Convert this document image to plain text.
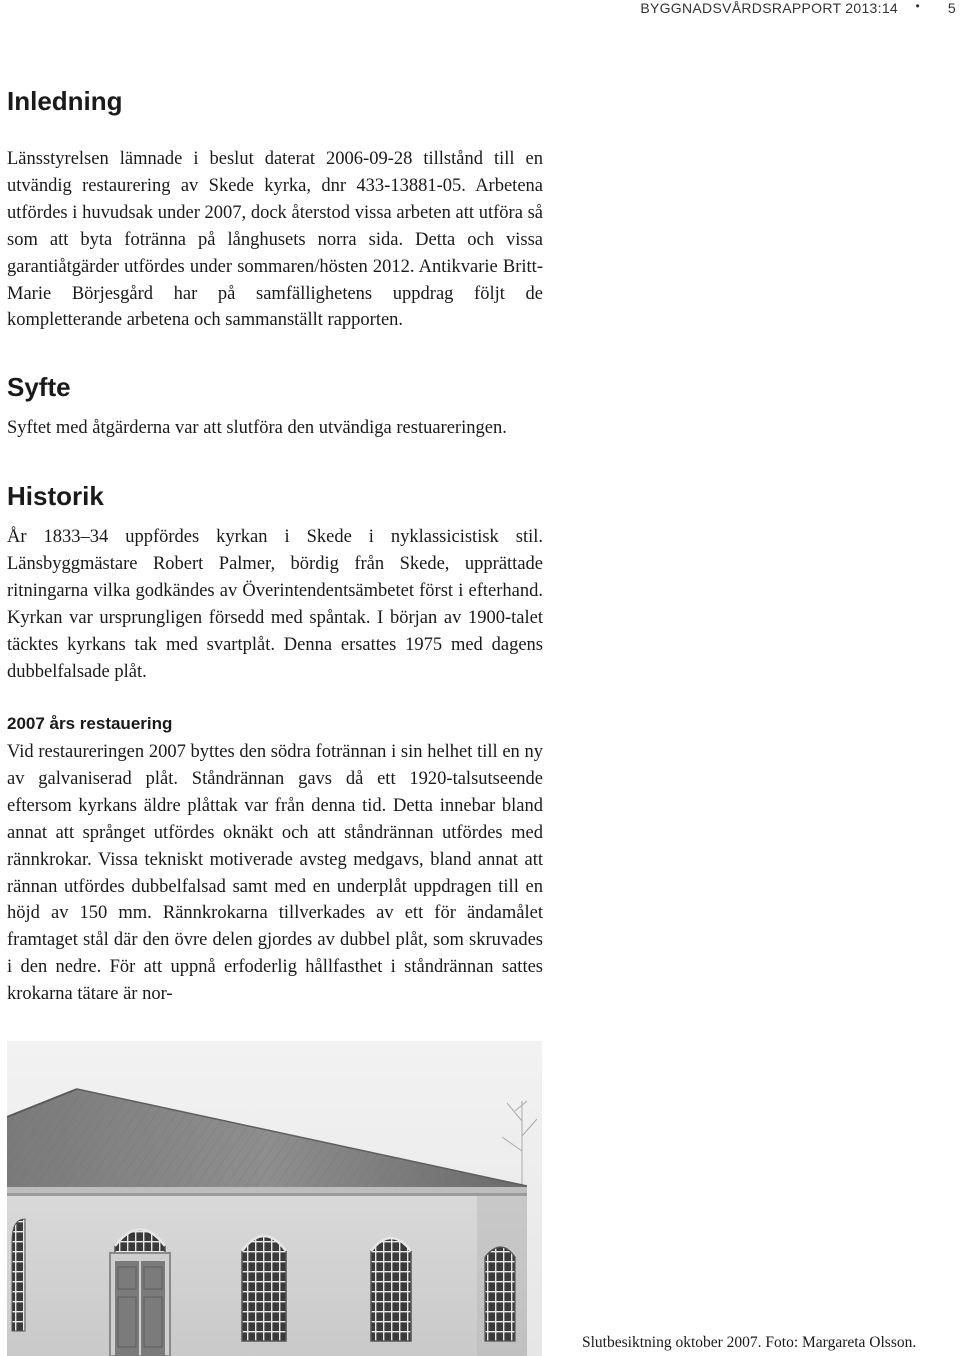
BYGGNADSVÅRDSRAPPORT 2013:14 • 5
Inledning

Länsstyrelsen lämnade i beslut daterat 2006-09-28 tillstånd till en utvändig restaurering av Skede kyrka, dnr 433-13881-05. Arbetena utfördes i huvudsak under 2007, dock återstod vissa arbeten att utföra så som att byta fotränna på långhusets norra sida. Detta och vissa garantiåtgärder utfördes under sommaren/hösten 2012. Antikvarie Britt-Marie Börjesgård har på samfällighetens uppdrag följt de kompletterande arbetena och sammanställt rapporten.

Syfte

Syftet med åtgärderna var att slutföra den utvändiga restuareringen.

Historik

År 1833–34 uppfördes kyrkan i Skede i nyklassicistisk stil. Länsbyggmästare Robert Palmer, bördig från Skede, upprättade ritningarna vilka godkändes av Överintendentsämbetet först i efterhand. Kyrkan var ursprungligen försedd med spåntak. I början av 1900-talet täcktes kyrkans tak med svartplåt. Denna ersattes 1975 med dagens dubbelfalsade plåt.

2007 års restauering

Vid restaureringen 2007 byttes den södra fotrännan i sin helhet till en ny av galvaniserad plåt. Ståndrännan gavs då ett 1920-talsutseende eftersom kyrkans äldre plåttak var från denna tid. Detta innebar bland annat att språnget utfördes oknäkt och att ståndrännan utfördes med rännkrokar. Vissa tekniskt motiverade avsteg medgavs, bland annat att rännan utfördes dubbelfalsad samt med en underplåt uppdragen till en höjd av 150 mm. Rännkrokarna tillverkades av ett för ändamålet framtaget stål där den övre delen gjordes av dubbel plåt, som skruvades i den nedre. För att uppnå erfoderlig hållfasthet i ståndrännan sattes krokarna tätare är nor-

Slutbesiktning oktober 2007. Foto: Margareta Olsson.
